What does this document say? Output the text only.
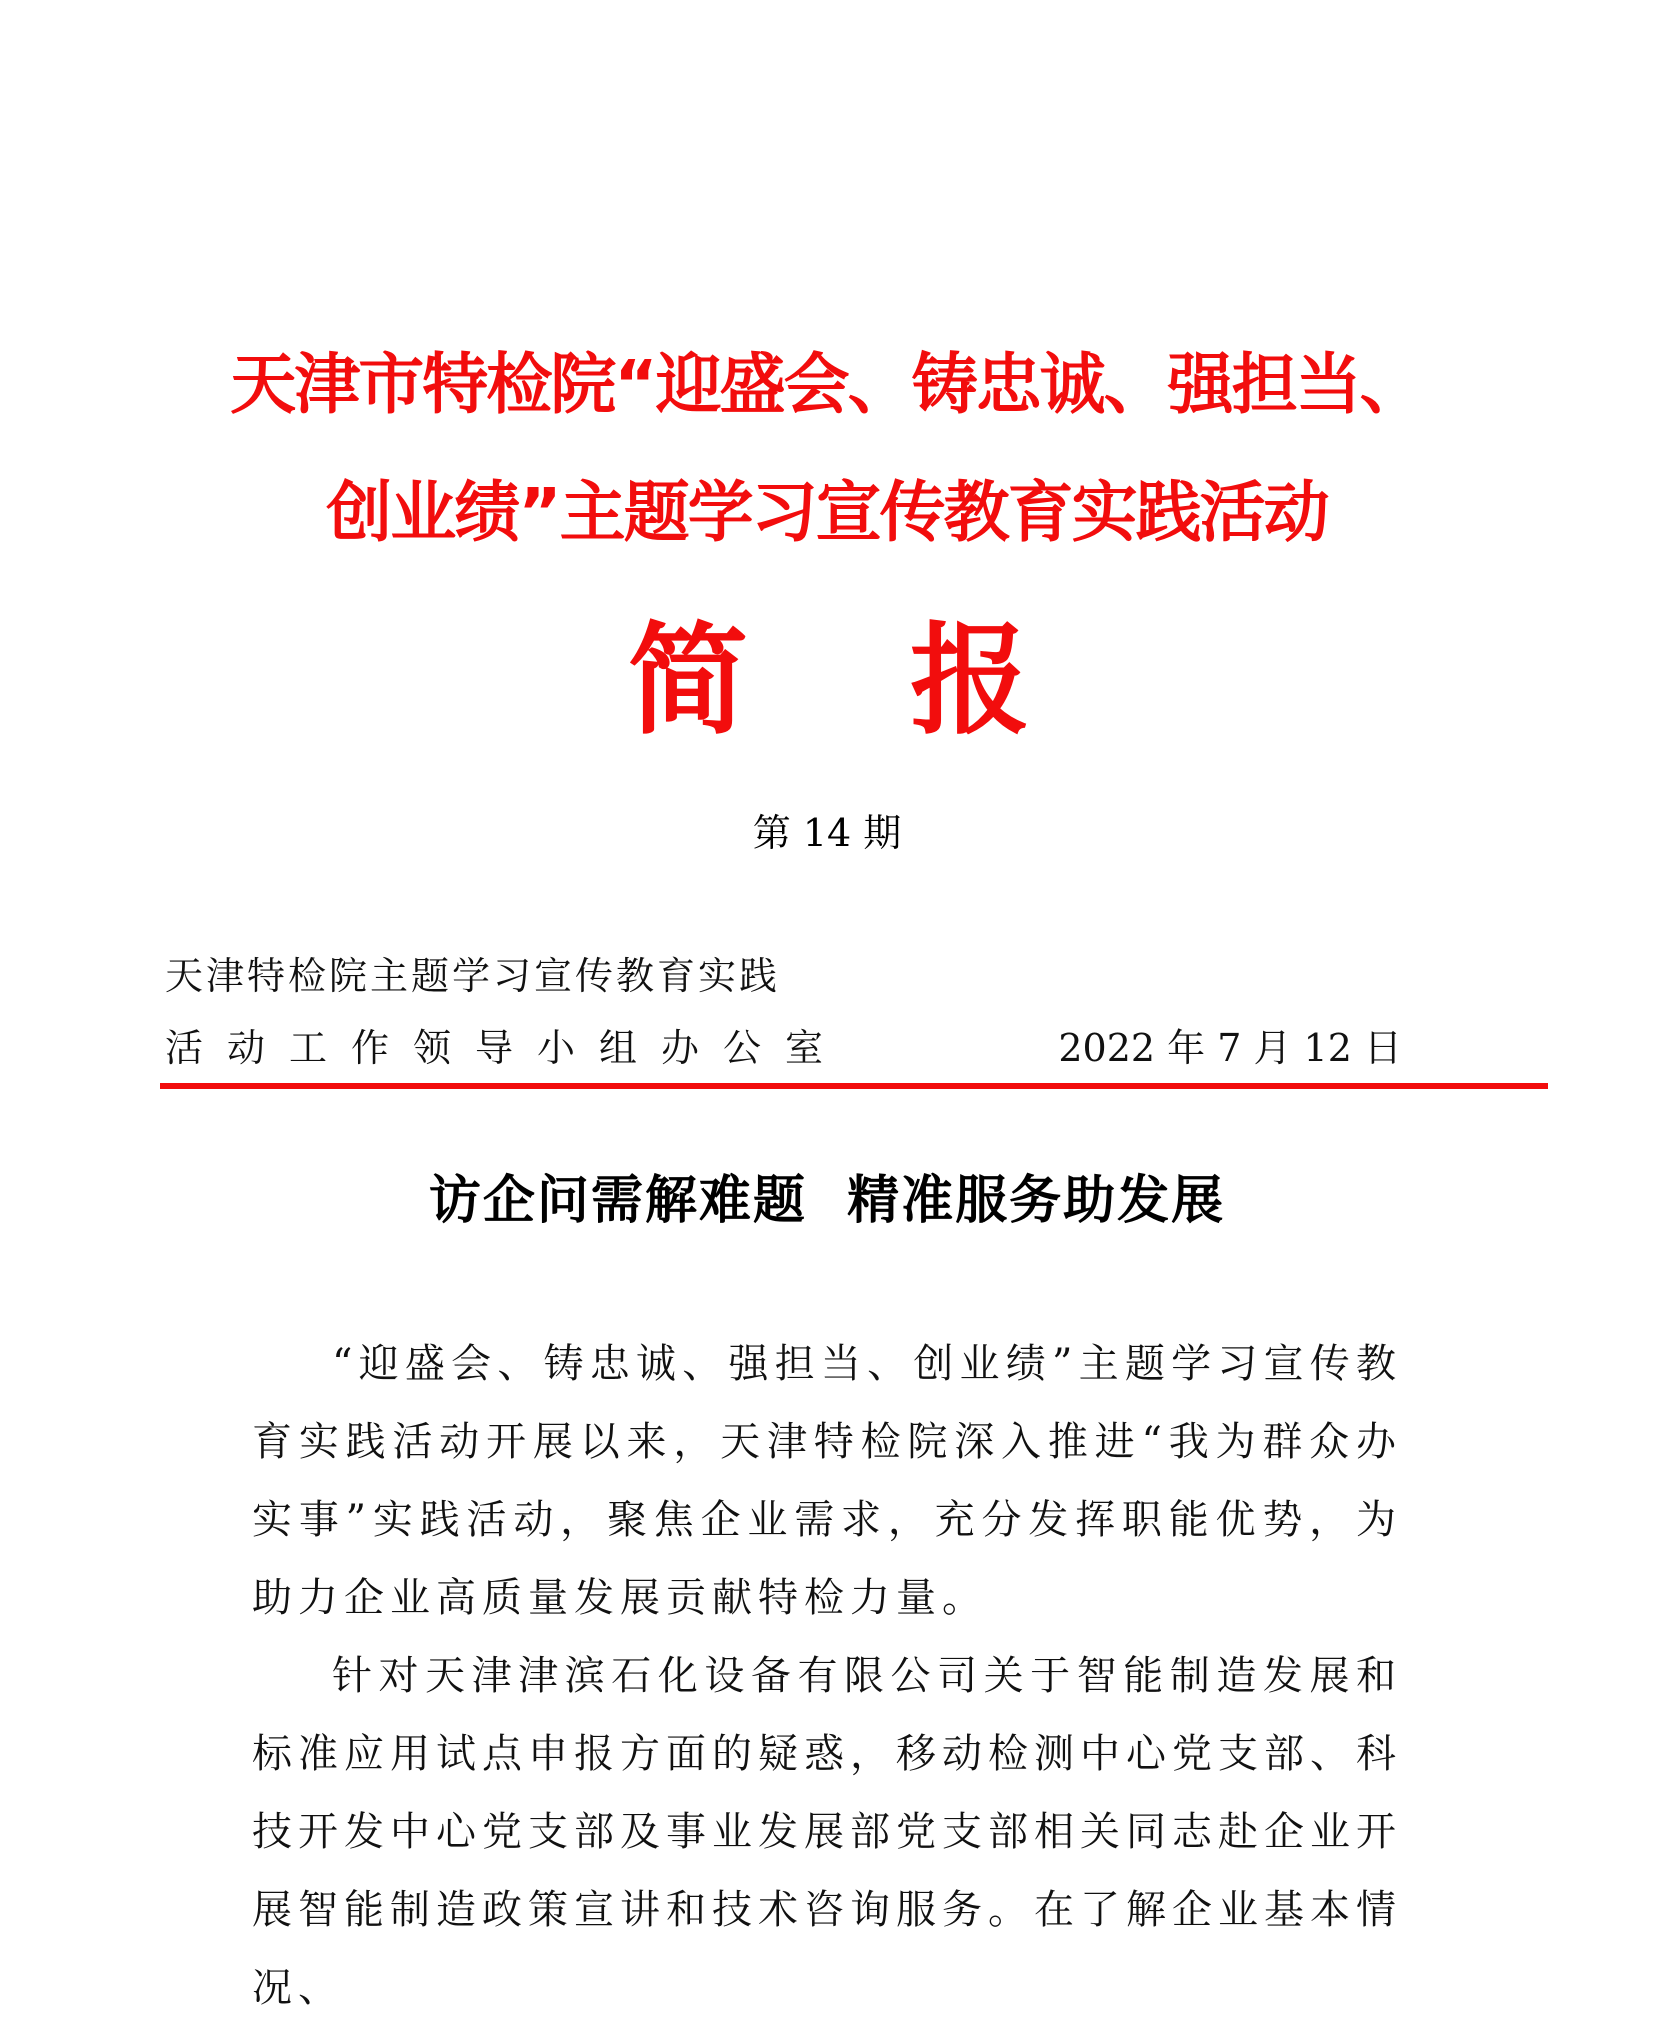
天津市特检院“迎盛会、铸忠诚、强担当、
创业绩”主题学习宣传教育实践活动
简 报
第 14 期
天津特检院主题学习宣传教育实践
活动工作领导小组办公室	2022 年 7 月 12 日
访企问需解难题  精准服务助发展

“迎盛会、铸忠诚、强担当、创业绩”主题学习宣传教育实践活动开展以来，天津特检院深入推进“我为群众办实事”实践活动，聚焦企业需求，充分发挥职能优势，为助力企业高质量发展贡献特检力量。

针对天津津滨石化设备有限公司关于智能制造发展和标准应用试点申报方面的疑惑，移动检测中心党支部、科技开发中心党支部及事业发展部党支部相关同志赴企业开展智能制造政策宣讲和技术咨询服务。在了解企业基本情况、
